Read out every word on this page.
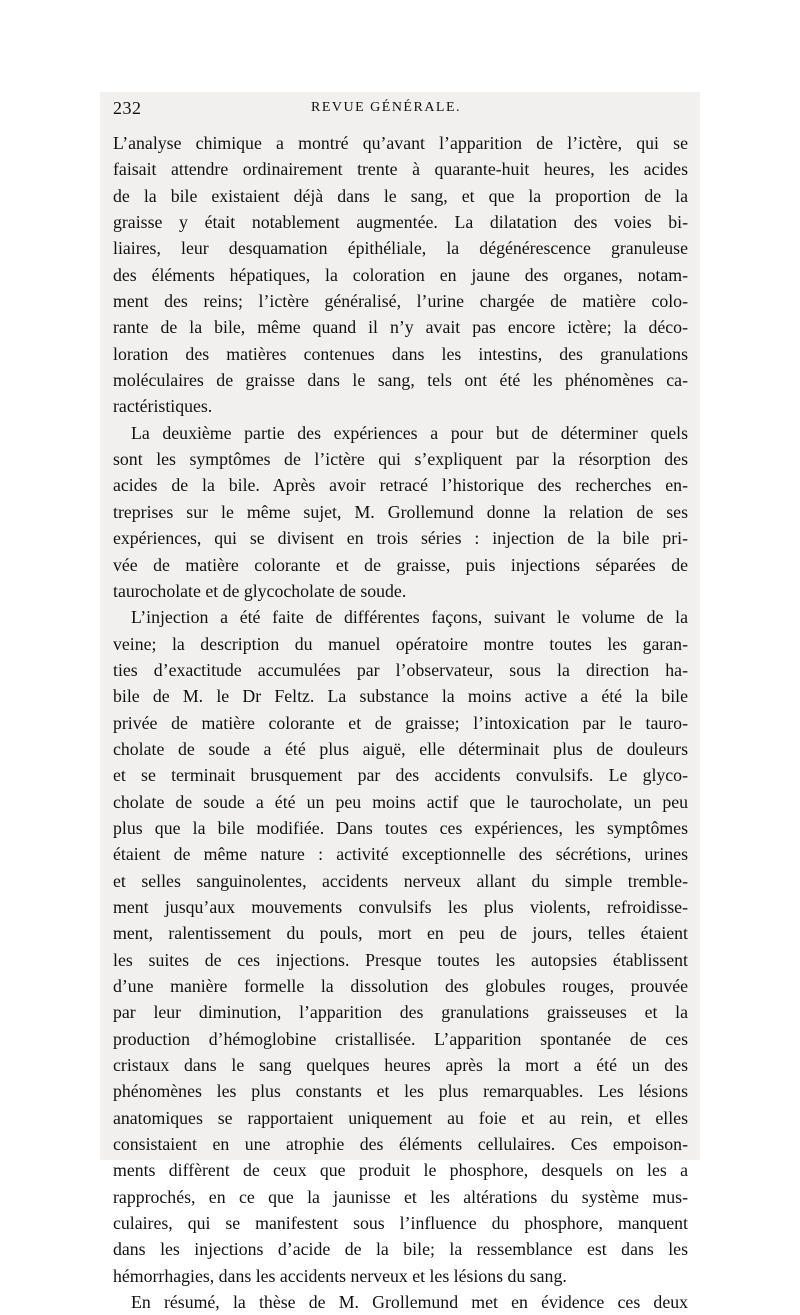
232	REVUE GÉNÉRALE.
L’analyse chimique a montré qu’avant l’apparition de l’ictère, qui se
faisait attendre ordinairement trente à quarante-huit heures, les acides
de la bile existaient déjà dans le sang, et que la proportion de la
graisse y était notablement augmentée. La dilatation des voies bi-
liaires, leur desquamation épithéliale, la dégénérescence granuleuse
des éléments hépatiques, la coloration en jaune des organes, notam-
ment des reins; l’ictère généralisé, l’urine chargée de matière colo-
rante de la bile, même quand il n’y avait pas encore ictère; la déco-
loration des matières contenues dans les intestins, des granulations
moléculaires de graisse dans le sang, tels ont été les phénomènes ca-
ractéristiques.
La deuxième partie des expériences a pour but de déterminer quels
sont les symptômes de l’ictère qui s’expliquent par la résorption des
acides de la bile. Après avoir retracé l’historique des recherches en-
treprises sur le même sujet, M. Grollemund donne la relation de ses
expériences, qui se divisent en trois séries : injection de la bile pri-
vée de matière colorante et de graisse, puis injections séparées de
taurocholate et de glycocholate de soude.
L’injection a été faite de différentes façons, suivant le volume de la
veine; la description du manuel opératoire montre toutes les garan-
ties d’exactitude accumulées par l’observateur, sous la direction ha-
bile de M. le Dr Feltz. La substance la moins active a été la bile
privée de matière colorante et de graisse; l’intoxication par le tauro-
cholate de soude a été plus aiguë, elle déterminait plus de douleurs
et se terminait brusquement par des accidents convulsifs. Le glyco-
cholate de soude a été un peu moins actif que le taurocholate, un peu
plus que la bile modifiée. Dans toutes ces expériences, les symptômes
étaient de même nature : activité exceptionnelle des sécrétions, urines
et selles sanguinolentes, accidents nerveux allant du simple tremble-
ment jusqu’aux mouvements convulsifs les plus violents, refroidisse-
ment, ralentissement du pouls, mort en peu de jours, telles étaient
les suites de ces injections. Presque toutes les autopsies établissent
d’une manière formelle la dissolution des globules rouges, prouvée
par leur diminution, l’apparition des granulations graisseuses et la
production d’hémoglobine cristallisée. L’apparition spontanée de ces
cristaux dans le sang quelques heures après la mort a été un des
phénomènes les plus constants et les plus remarquables. Les lésions
anatomiques se rapportaient uniquement au foie et au rein, et elles
consistaient en une atrophie des éléments cellulaires. Ces empoison-
ments diffèrent de ceux que produit le phosphore, desquels on les a
rapprochés, en ce que la jaunisse et les altérations du système mus-
culaires, qui se manifestent sous l’influence du phosphore, manquent
dans les injections d’acide de la bile; la ressemblance est dans les
hémorrhagies, dans les accidents nerveux et les lésions du sang.
En résumé, la thèse de M. Grollemund met en évidence ces deux
